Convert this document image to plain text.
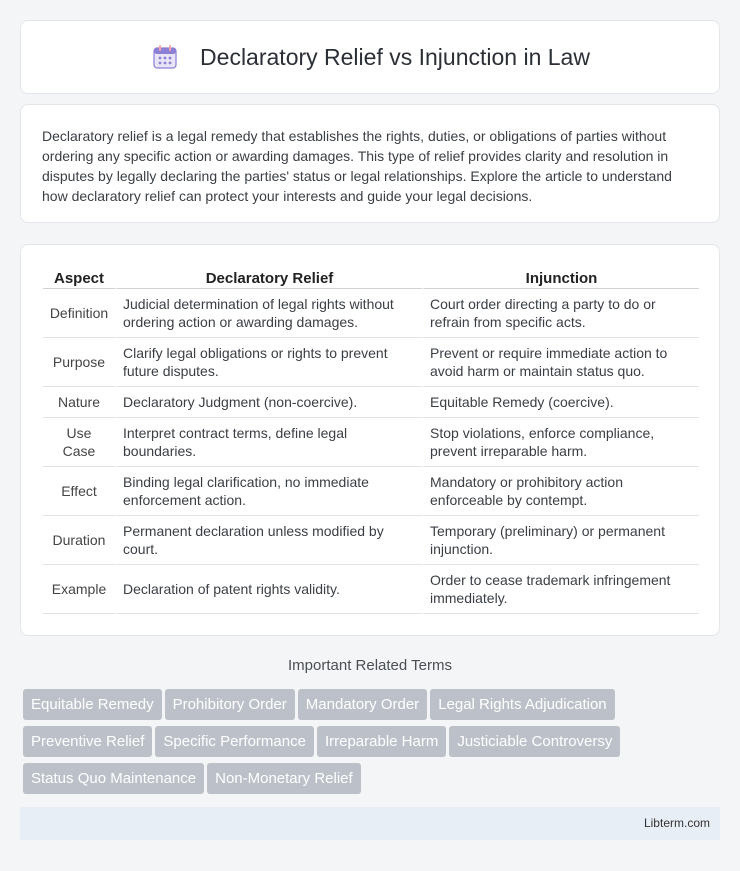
Declaratory Relief vs Injunction in Law

Declaratory relief is a legal remedy that establishes the rights, duties, or obligations of parties without ordering any specific action or awarding damages. This type of relief provides clarity and resolution in disputes by legally declaring the parties' status or legal relationships. Explore the article to understand how declaratory relief can protect your interests and guide your legal decisions.

Aspect	Declaratory Relief	Injunction
Definition	Judicial determination of legal rights without ordering action or awarding damages.	Court order directing a party to do or refrain from specific acts.
Purpose	Clarify legal obligations or rights to prevent future disputes.	Prevent or require immediate action to avoid harm or maintain status quo.
Nature	Declaratory Judgment (non-coercive).	Equitable Remedy (coercive).
Use Case	Interpret contract terms, define legal boundaries.	Stop violations, enforce compliance, prevent irreparable harm.
Effect	Binding legal clarification, no immediate enforcement action.	Mandatory or prohibitory action enforceable by contempt.
Duration	Permanent declaration unless modified by court.	Temporary (preliminary) or permanent injunction.
Example	Declaration of patent rights validity.	Order to cease trademark infringement immediately.
Important Related Terms
Equitable Remedy Prohibitory Order Mandatory Order Legal Rights Adjudication
Preventive Relief Specific Performance Irreparable Harm Justiciable Controversy
Status Quo Maintenance Non-Monetary Relief
Libterm.com
